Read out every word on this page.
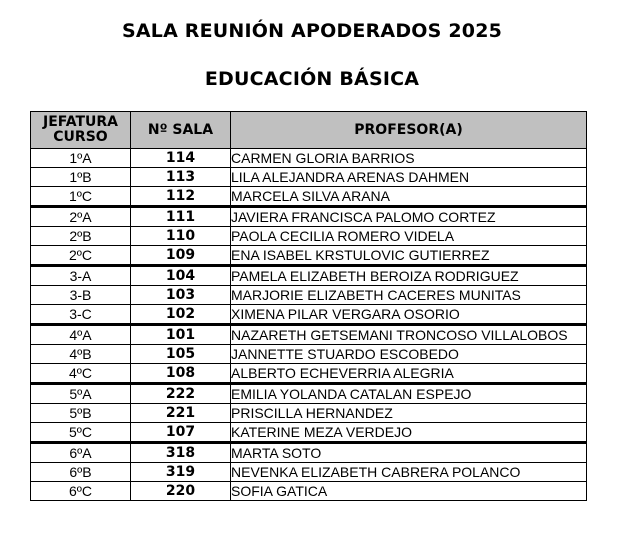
SALA REUNIÓN APODERADOS 2025
EDUCACIÓN BÁSICA
JEFATURA
CURSO	Nº SALA	PROFESOR(A)
1ºA	114	CARMEN GLORIA BARRIOS
1ºB	113	LILA ALEJANDRA ARENAS DAHMEN
1ºC	112	MARCELA SILVA ARANA
2ºA	111	JAVIERA FRANCISCA PALOMO CORTEZ
2ºB	110	PAOLA CECILIA ROMERO VIDELA
2ºC	109	ENA ISABEL KRSTULOVIC GUTIERREZ
3-A	104	PAMELA ELIZABETH BEROIZA RODRIGUEZ
3-B	103	MARJORIE ELIZABETH CACERES MUNITAS
3-C	102	XIMENA PILAR VERGARA OSORIO
4ºA	101	NAZARETH GETSEMANI TRONCOSO VILLALOBOS
4ºB	105	JANNETTE STUARDO ESCOBEDO
4ºC	108	ALBERTO ECHEVERRIA ALEGRIA
5ºA	222	EMILIA YOLANDA CATALAN ESPEJO
5ºB	221	PRISCILLA HERNANDEZ
5ºC	107	KATERINE MEZA VERDEJO
6ºA	318	MARTA SOTO
6ºB	319	NEVENKA ELIZABETH CABRERA POLANCO
6ºC	220	SOFIA GATICA
